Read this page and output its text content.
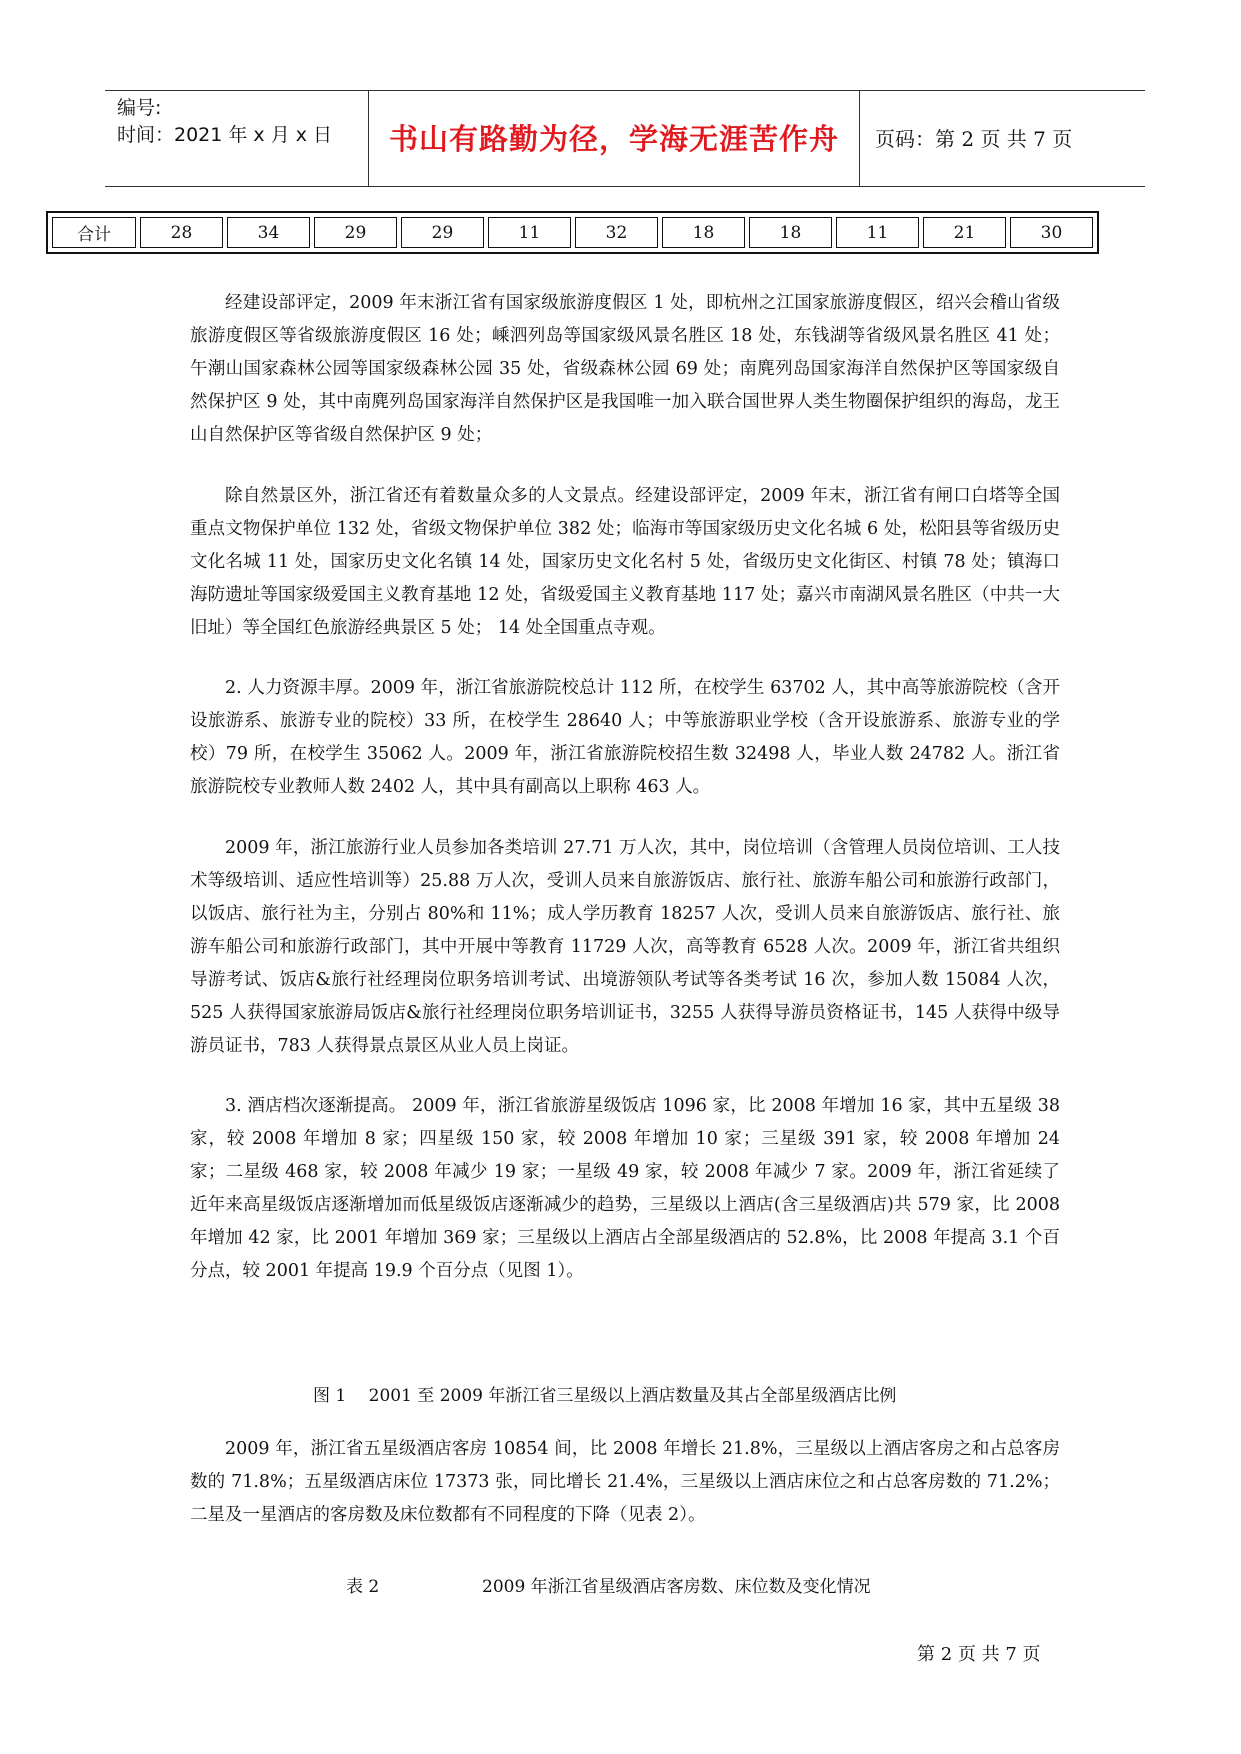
编号:
时间：2021 年 x 月 x 日	书山有路勤为径，学海无涯苦作舟	页码：第 2 页 共 7 页
合计	28	34	29	29	11	32	18	18	11	21	30

经建设部评定，2009 年末浙江省有国家级旅游度假区 1 处，即杭州之江国家旅游度假区，绍兴会稽山省级旅游度假区等省级旅游度假区 16 处；嵊泗列岛等国家级风景名胜区 18 处，东钱湖等省级风景名胜区 41 处；午潮山国家森林公园等国家级森林公园 35 处，省级森林公园 69 处；南麂列岛国家海洋自然保护区等国家级自然保护区 9 处，其中南麂列岛国家海洋自然保护区是我国唯一加入联合国世界人类生物圈保护组织的海岛，龙王山自然保护区等省级自然保护区 9 处；

除自然景区外，浙江省还有着数量众多的人文景点。经建设部评定，2009 年末，浙江省有闸口白塔等全国重点文物保护单位 132 处，省级文物保护单位 382 处；临海市等国家级历史文化名城 6 处，松阳县等省级历史文化名城 11 处，国家历史文化名镇 14 处，国家历史文化名村 5 处，省级历史文化街区、村镇 78 处；镇海口海防遗址等国家级爱国主义教育基地 12 处，省级爱国主义教育基地 117 处；嘉兴市南湖风景名胜区（中共一大旧址）等全国红色旅游经典景区 5 处； 14 处全国重点寺观。

2. 人力资源丰厚。2009 年，浙江省旅游院校总计 112 所，在校学生 63702 人，其中高等旅游院校（含开设旅游系、旅游专业的院校）33 所，在校学生 28640 人；中等旅游职业学校（含开设旅游系、旅游专业的学校）79 所，在校学生 35062 人。2009 年，浙江省旅游院校招生数 32498 人，毕业人数 24782 人。浙江省旅游院校专业教师人数 2402 人，其中具有副高以上职称 463 人。

2009 年，浙江旅游行业人员参加各类培训 27.71 万人次，其中，岗位培训（含管理人员岗位培训、工人技术等级培训、适应性培训等）25.88 万人次，受训人员来自旅游饭店、旅行社、旅游车船公司和旅游行政部门，以饭店、旅行社为主，分别占 80%和 11%；成人学历教育 18257 人次，受训人员来自旅游饭店、旅行社、旅游车船公司和旅游行政部门，其中开展中等教育 11729 人次，高等教育 6528 人次。2009 年，浙江省共组织导游考试、饭店&旅行社经理岗位职务培训考试、出境游领队考试等各类考试 16 次，参加人数 15084 人次，525 人获得国家旅游局饭店&旅行社经理岗位职务培训证书，3255 人获得导游员资格证书，145 人获得中级导游员证书，783 人获得景点景区从业人员上岗证。

3. 酒店档次逐渐提高。 2009 年，浙江省旅游星级饭店 1096 家，比 2008 年增加 16 家，其中五星级 38 家，较 2008 年增加 8 家；四星级 150 家，较 2008 年增加 10 家；三星级 391 家，较 2008 年增加 24 家；二星级 468 家，较 2008 年减少 19 家；一星级 49 家，较 2008 年减少 7 家。2009 年，浙江省延续了近年来高星级饭店逐渐增加而低星级饭店逐渐减少的趋势，三星级以上酒店(含三星级酒店)共 579 家，比 2008 年增加 42 家，比 2001 年增加 369 家；三星级以上酒店占全部星级酒店的 52.8%，比 2008 年提高 3.1 个百分点，较 2001 年提高 19.9 个百分点（见图 1）。

图 1　 2001 至 2009 年浙江省三星级以上酒店数量及其占全部星级酒店比例

2009 年，浙江省五星级酒店客房 10854 间，比 2008 年增长 21.8%，三星级以上酒店客房之和占总客房数的 71.8%；五星级酒店床位 17373 张，同比增长 21.4%，三星级以上酒店床位之和占总客房数的 71.2%；二星及一星酒店的客房数及床位数都有不同程度的下降（见表 2）。

表 2	2009 年浙江省星级酒店客房数、床位数及变化情况
第 2 页 共 7 页
